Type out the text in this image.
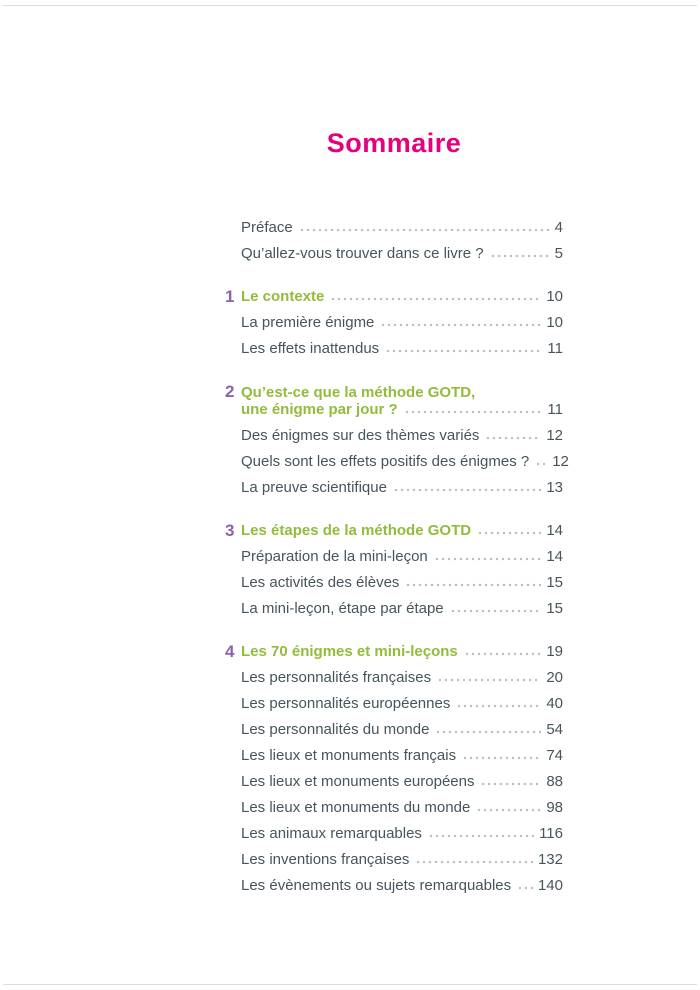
Sommaire
Préface	4
Qu’allez-vous trouver dans ce livre ?	5
1 Le contexte	10
La première énigme	10
Les effets inattendus	11
2 Qu’est-ce que la méthode GOTD,
une énigme par jour ?	11
Des énigmes sur des thèmes variés	12
Quels sont les effets positifs des énigmes ? 12
La preuve scientifique	13
3 Les étapes de la méthode GOTD	14
Préparation de la mini-leçon	14
Les activités des élèves	15
La mini-leçon, étape par étape	15
4 Les 70 énigmes et mini-leçons	19
Les personnalités françaises	20
Les personnalités européennes	40
Les personnalités du monde	54
Les lieux et monuments français	74
Les lieux et monuments européens	88
Les lieux et monuments du monde	98
Les animaux remarquables	116
Les inventions françaises	132
Les évènements ou sujets remarquables 140
